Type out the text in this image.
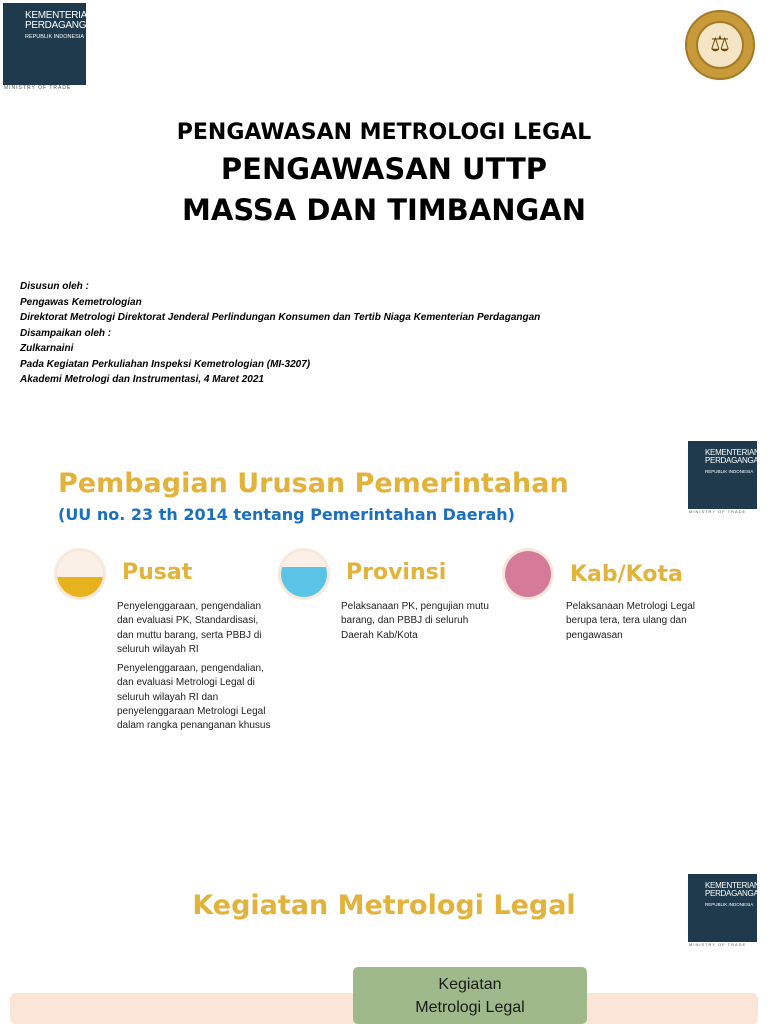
KEMENTERIAN
PERDAGANGAN
REPUBLIK INDONESIA
MINISTRY OF TRADE
⚖
PENGAWASAN METROLOGI LEGAL
PENGAWASAN UTTP
MASSA DAN TIMBANGAN
Disusun oleh :
Pengawas Kemetrologian
Direktorat Metrologi Direktorat Jenderal Perlindungan Konsumen dan Tertib Niaga Kementerian Perdagangan
Disampaikan oleh :
Zulkarnaini
Pada Kegiatan Perkuliahan Inspeksi Kemetrologian (MI-3207)
Akademi Metrologi dan Instrumentasi, 4 Maret 2021
KEMENTERIAN
PERDAGANGAN
REPUBLIK INDONESIA
MINISTRY OF TRADE
Pembagian Urusan Pemerintahan
(UU no. 23 th 2014 tentang Pemerintahan Daerah)
Pusat

Penyelenggaraan, pengendalian dan evaluasi PK, Standardisasi, dan muttu barang, serta PBBJ di seluruh wilayah RI

Penyelenggaraan, pengendalian, dan evaluasi Metrologi Legal di seluruh wilayah RI dan penyelenggaraan Metrologi Legal dalam rangka penanganan khusus

Provinsi

Pelaksanaan PK, pengujian mutu barang, dan PBBJ di seluruh Daerah Kab/Kota

Kab/Kota

Pelaksanaan Metrologi Legal berupa tera, tera ulang dan pengawasan

KEMENTERIAN
PERDAGANGAN
REPUBLIK INDONESIA
MINISTRY OF TRADE
Kegiatan Metrologi Legal
Kegiatan
Metrologi Legal
